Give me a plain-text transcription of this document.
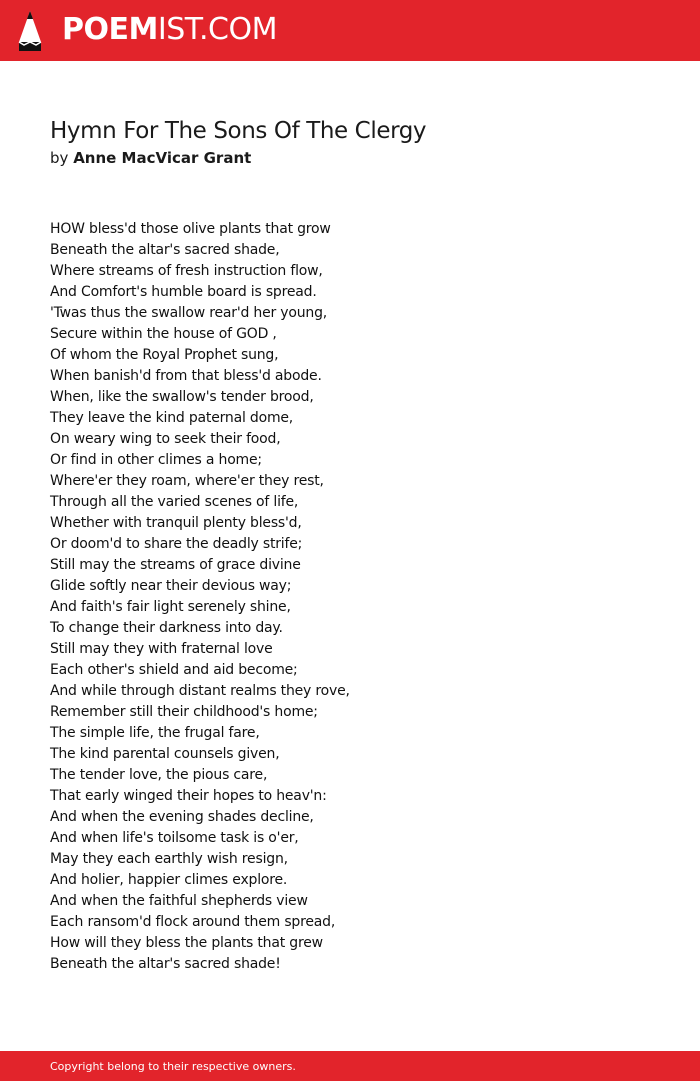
POEMIST.COM
Hymn For The Sons Of The Clergy
by Anne MacVicar Grant
HOW bless'd those olive plants that grow
Beneath the altar's sacred shade,
Where streams of fresh instruction flow,
And Comfort's humble board is spread.
'Twas thus the swallow rear'd her young,
Secure within the house of GOD ,
Of whom the Royal Prophet sung,
When banish'd from that bless'd abode.
When, like the swallow's tender brood,
They leave the kind paternal dome,
On weary wing to seek their food,
Or find in other climes a home;
Where'er they roam, where'er they rest,
Through all the varied scenes of life,
Whether with tranquil plenty bless'd,
Or doom'd to share the deadly strife;
Still may the streams of grace divine
Glide softly near their devious way;
And faith's fair light serenely shine,
To change their darkness into day.
Still may they with fraternal love
Each other's shield and aid become;
And while through distant realms they rove,
Remember still their childhood's home;
The simple life, the frugal fare,
The kind parental counsels given,
The tender love, the pious care,
That early winged their hopes to heav'n:
And when the evening shades decline,
And when life's toilsome task is o'er,
May they each earthly wish resign,
And holier, happier climes explore.
And when the faithful shepherds view
Each ransom'd flock around them spread,
How will they bless the plants that grew
Beneath the altar's sacred shade!
Copyright belong to their respective owners.
